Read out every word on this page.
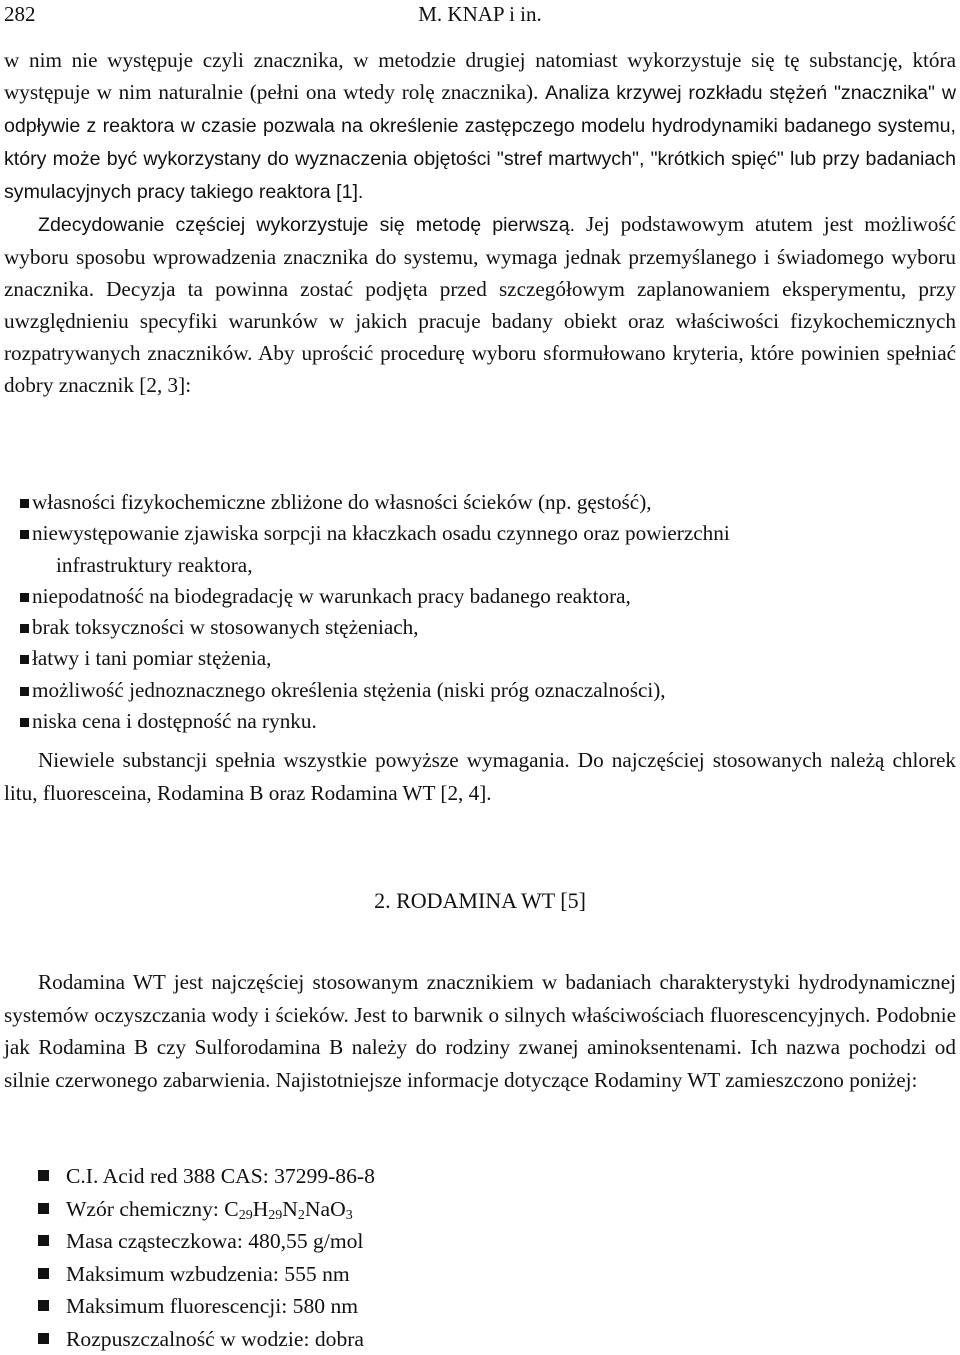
282	M. KNAP i in.

w nim nie występuje czyli znacznika, w metodzie drugiej natomiast wykorzystuje się tę substancję, która występuje w nim naturalnie (pełni ona wtedy rolę znacznika). Analiza krzywej rozkładu stężeń "znacznika" w odpływie z reaktora w czasie pozwala na określenie zastępczego modelu hydrodynamiki badanego systemu, który może być wykorzystany do wyznaczenia objętości "stref martwych", "krótkich spięć" lub przy badaniach symulacyjnych pracy takiego reaktora [1].

Zdecydowanie częściej wykorzystuje się metodę pierwszą. Jej podstawowym atutem jest możliwość wyboru sposobu wprowadzenia znacznika do systemu, wymaga jednak przemyślanego i świadomego wyboru znacznika. Decyzja ta powinna zostać podjęta przed szczegółowym zaplanowaniem eksperymentu, przy uwzględnieniu specyfiki warunków w jakich pracuje badany obiekt oraz właściwości fizykochemicznych rozpatrywanych znaczników. Aby uprościć procedurę wyboru sformułowano kryteria, które powinien spełniać dobry znacznik [2, 3]:

własności fizykochemiczne zbliżone do własności ścieków (np. gęstość),
niewystępowanie zjawiska sorpcji na kłaczkach osadu czynnego oraz powierzchni
infrastruktury reaktora,
niepodatność na biodegradację w warunkach pracy badanego reaktora,
brak toksyczności w stosowanych stężeniach,
łatwy i tani pomiar stężenia,
możliwość jednoznacznego określenia stężenia (niski próg oznaczalności),
niska cena i dostępność na rynku.

Niewiele substancji spełnia wszystkie powyższe wymagania. Do najczęściej stosowanych należą chlorek litu, fluoresceina, Rodamina B oraz Rodamina WT [2, 4].

2. RODAMINA WT [5]

Rodamina WT jest najczęściej stosowanym znacznikiem w badaniach charakterystyki hydrodynamicznej systemów oczyszczania wody i ścieków. Jest to barwnik o silnych właściwościach fluorescencyjnych. Podobnie jak Rodamina B czy Sulforodamina B należy do rodziny zwanej aminoksentenami. Ich nazwa pochodzi od silnie czerwonego zabarwienia. Najistotniejsze informacje dotyczące Rodaminy WT zamieszczono poniżej:

C.I. Acid red 388 CAS: 37299-86-8
Wzór chemiczny: $C_{29}H_{29}N_2NaO_3$
Masa cząsteczkowa: 480,55 g/mol
Maksimum wzbudzenia: 555 nm
Maksimum fluorescencji: 580 nm
Rozpuszczalność w wodzie: dobra
